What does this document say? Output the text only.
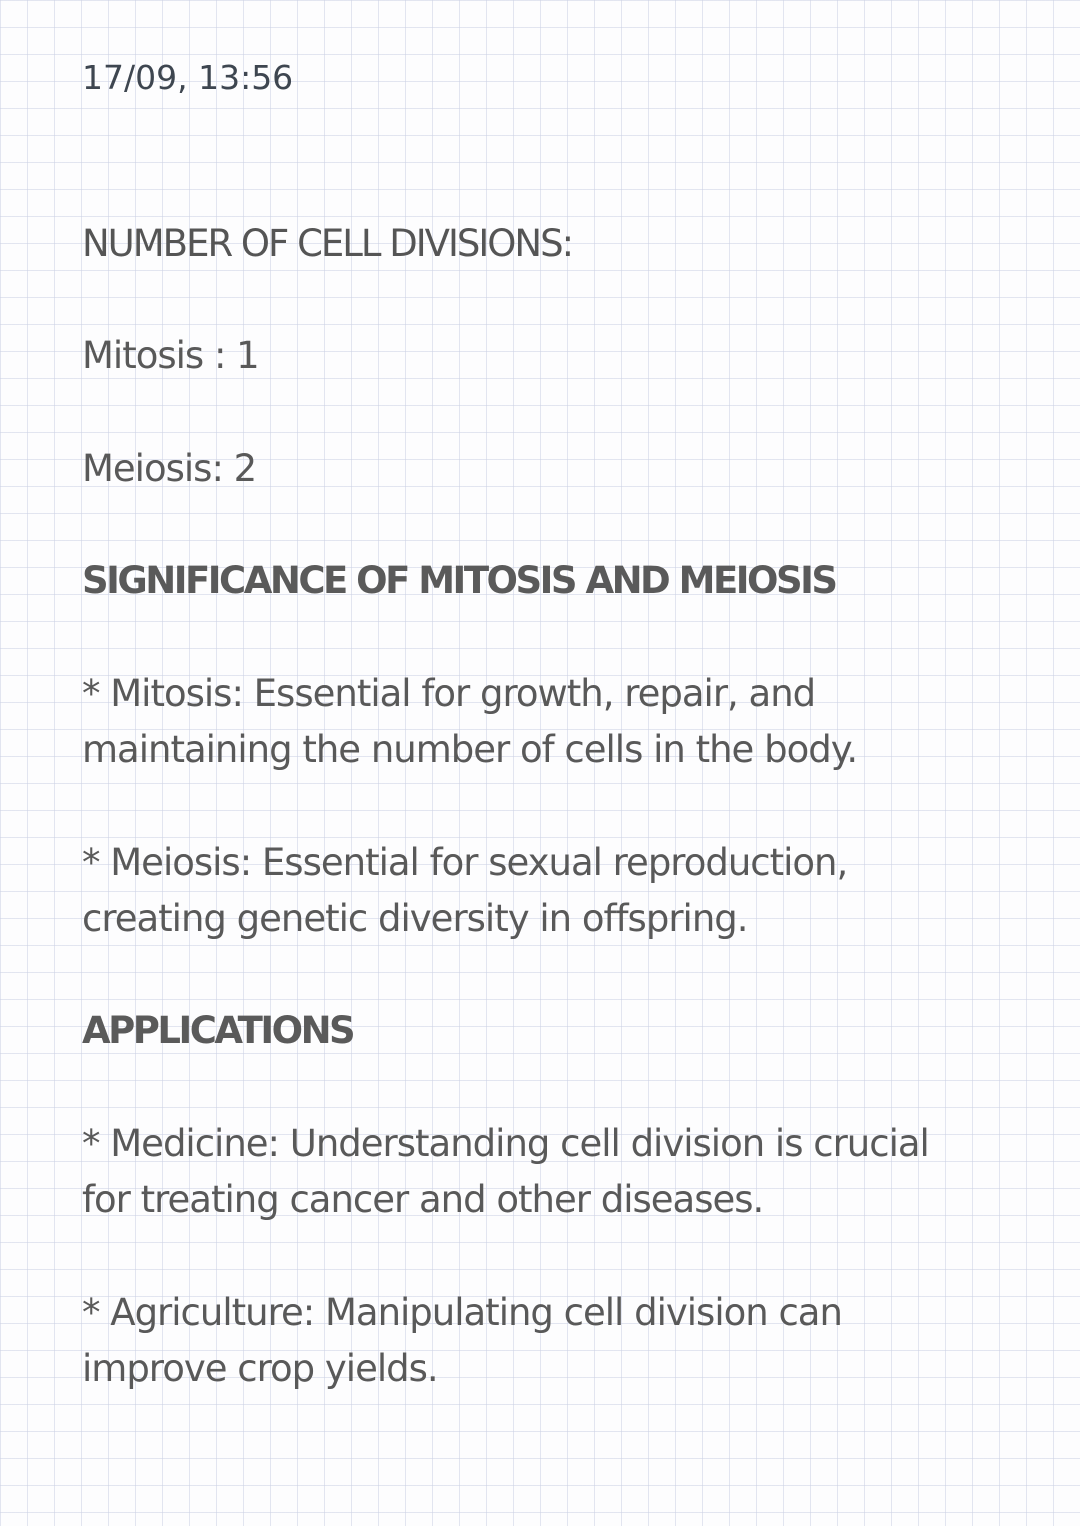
17/09, 13:56
NUMBER OF CELL DIVISIONS:
Mitosis : 1
Meiosis: 2
SIGNIFICANCE OF MITOSIS AND MEIOSIS
* Mitosis: Essential for growth, repair, and
maintaining the number of cells in the body.
* Meiosis: Essential for sexual reproduction,
creating genetic diversity in offspring.
APPLICATIONS
* Medicine: Understanding cell division is crucial
for treating cancer and other diseases.
* Agriculture: Manipulating cell division can
improve crop yields.
